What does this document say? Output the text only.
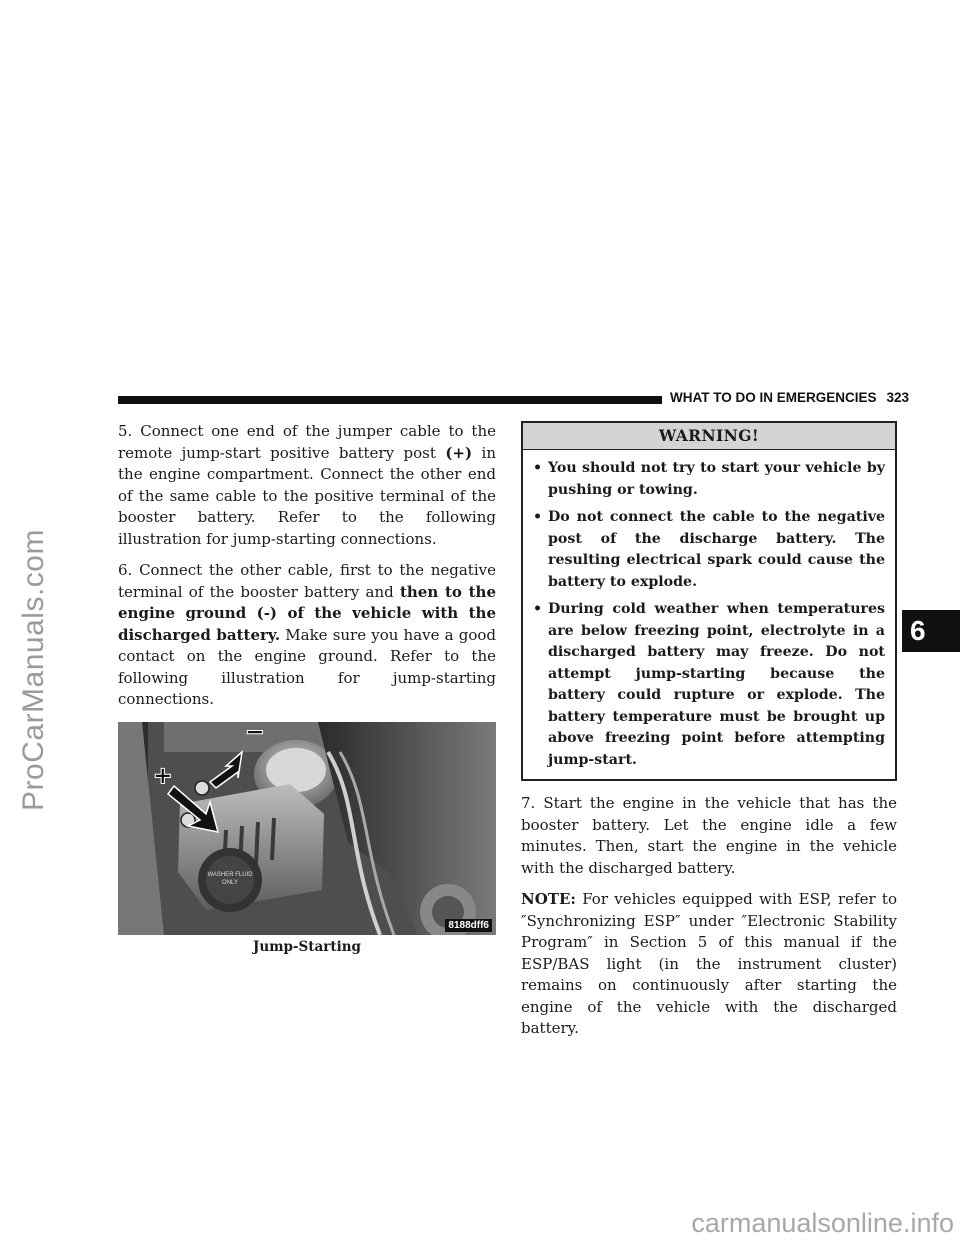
ProCarManuals.com
carmanualsonline.info
WHAT TO DO IN EMERGENCIES 323
6

5. Connect one end of the jumper cable to the remote jump-start positive battery post (+) in the engine compartment. Connect the other end of the same cable to the positive terminal of the booster battery. Refer to the following illustration for jump-starting connections.

6. Connect the other cable, first to the negative terminal of the booster battery and then to the engine ground (-) of the vehicle with the discharged battery. Make sure you have a good contact on the engine ground. Refer to the following illustration for jump-starting connections.

WASHER FLUID
ONLY
−
+
8188dff6
Jump-Starting
WARNING!
• You should not try to start your vehicle by pushing or towing.
• Do not connect the cable to the negative post of the discharge battery. The resulting electrical spark could cause the battery to explode.
• During cold weather when temperatures are below freezing point, electrolyte in a discharged battery may freeze. Do not attempt jump-starting because the battery could rupture or explode. The battery temperature must be brought up above freezing point before attempting jump-start.

7. Start the engine in the vehicle that has the booster battery. Let the engine idle a few minutes. Then, start the engine in the vehicle with the discharged battery.

NOTE: For vehicles equipped with ESP, refer to ″Synchronizing ESP″ under ″Electronic Stability Program″ in Section 5 of this manual if the ESP/BAS light (in the instrument cluster) remains on continuously after starting the engine of the vehicle with the discharged battery.
